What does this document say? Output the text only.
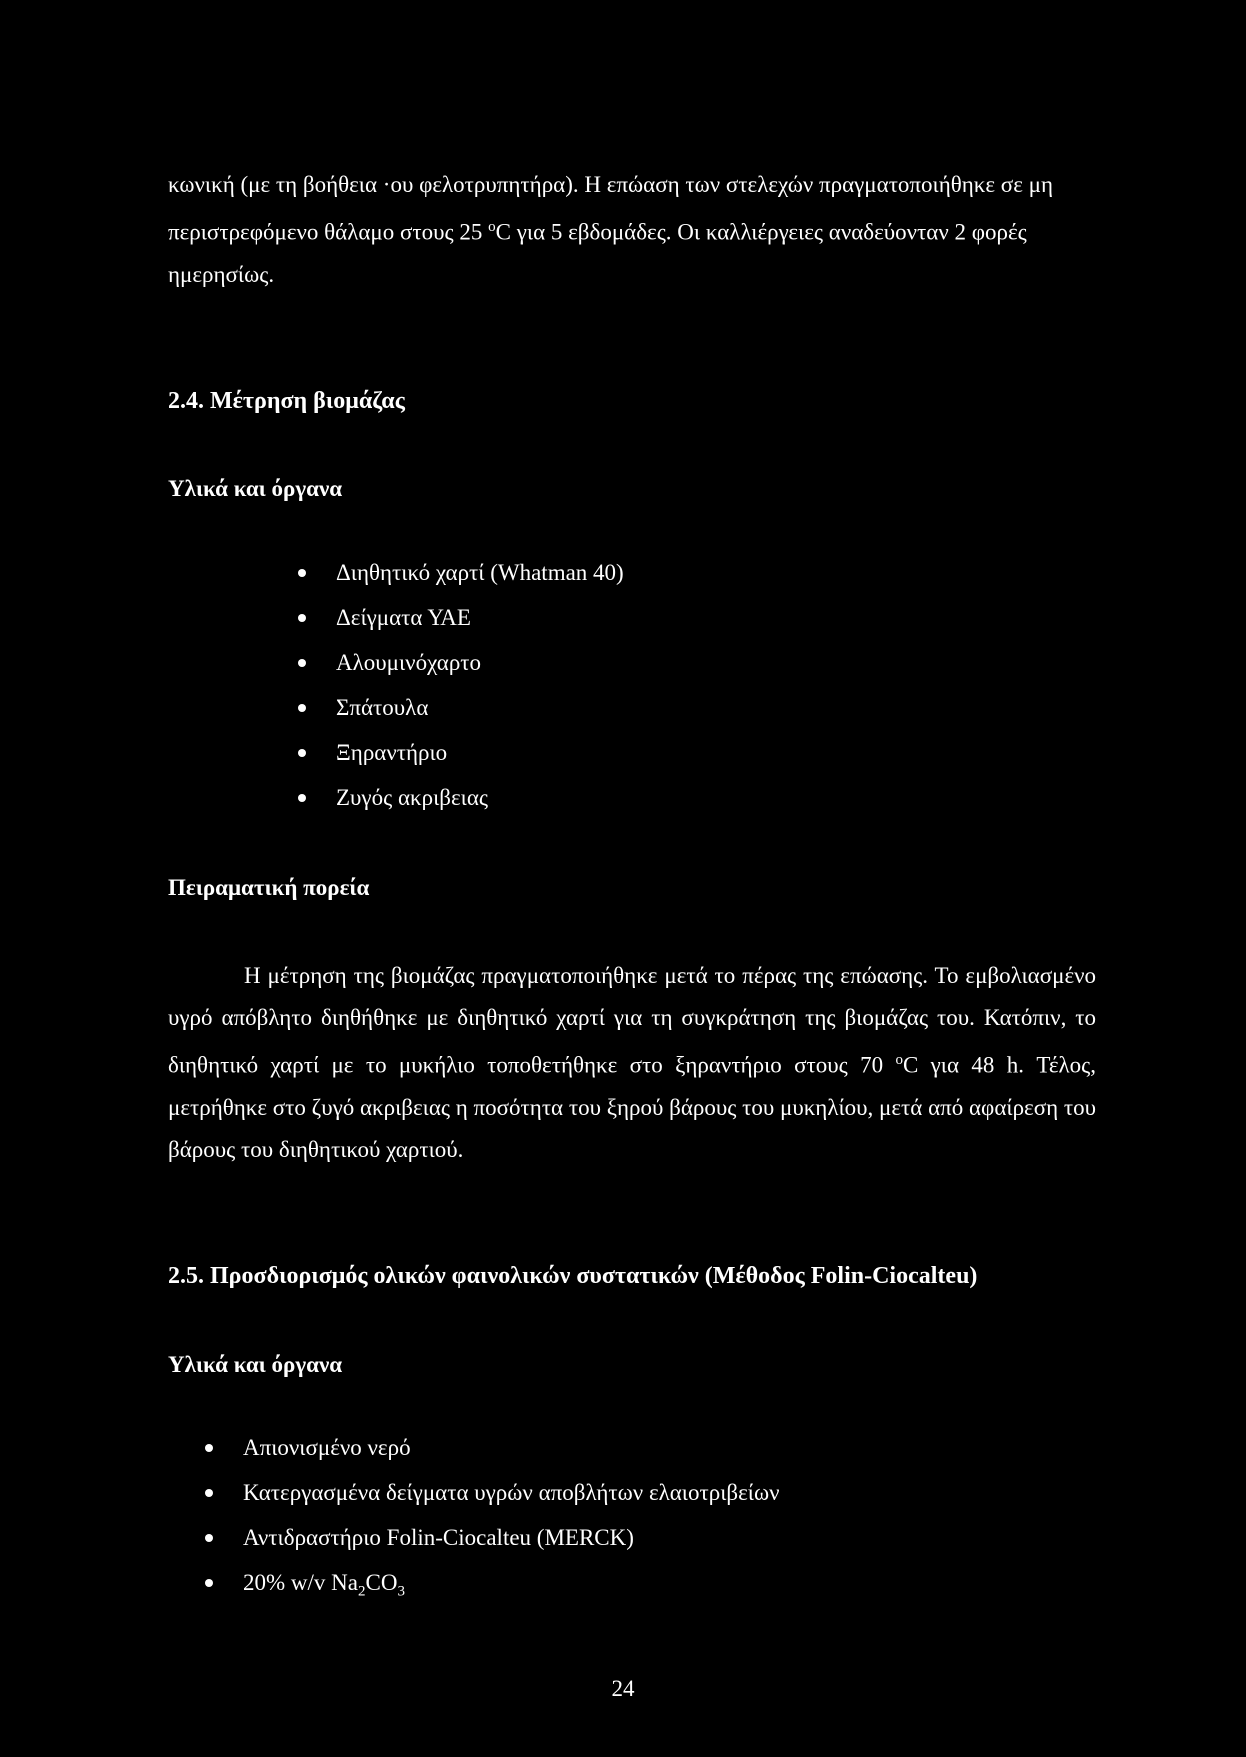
κωνική (με τη βοήθεια ·ου φελοτρυπητήρα). Η επώαση των στελεχών πραγματοποιήθηκε σε μη περιστρεφόμενο θάλαμο στους 25 $^o$C για 5 εβδομάδες. Οι καλλιέργειες αναδεύονταν 2 φορές ημερησίως.

2.4. Μέτρηση βιομάζας
Υλικά και όργανα
Διηθητικό χαρτί (Whatman 40)
Δείγματα ΥΑΕ
Αλουμινόχαρτο
Σπάτουλα
Ξηραντήριο
Ζυγός ακριβειας
Πειραματική πορεία

Η μέτρηση της βιομάζας πραγματοποιήθηκε μετά το πέρας της επώασης. Το εμβολιασμένο υγρό απόβλητο διηθήθηκε με διηθητικό χαρτί για τη συγκράτηση της βιομάζας του. Κατόπιν, το διηθητικό χαρτί με το μυκήλιο τοποθετήθηκε στο ξηραντήριο στους 70 $^o$C για 48 h. Τέλος, μετρήθηκε στο ζυγό ακριβειας η ποσότητα του ξηρού βάρους του μυκηλίου, μετά από αφαίρεση του βάρους του διηθητικού χαρτιού.

2.5. Προσδιορισμός ολικών φαινολικών συστατικών (Μέθοδος Folin-Ciocalteu)
Υλικά και όργανα
Απιονισμένο νερό
Κατεργασμένα δείγματα υγρών αποβλήτων ελαιοτριβείων
Αντιδραστήριο Folin-Ciocalteu (MERCK)
20% w/v $Na_2CO_3$
24
